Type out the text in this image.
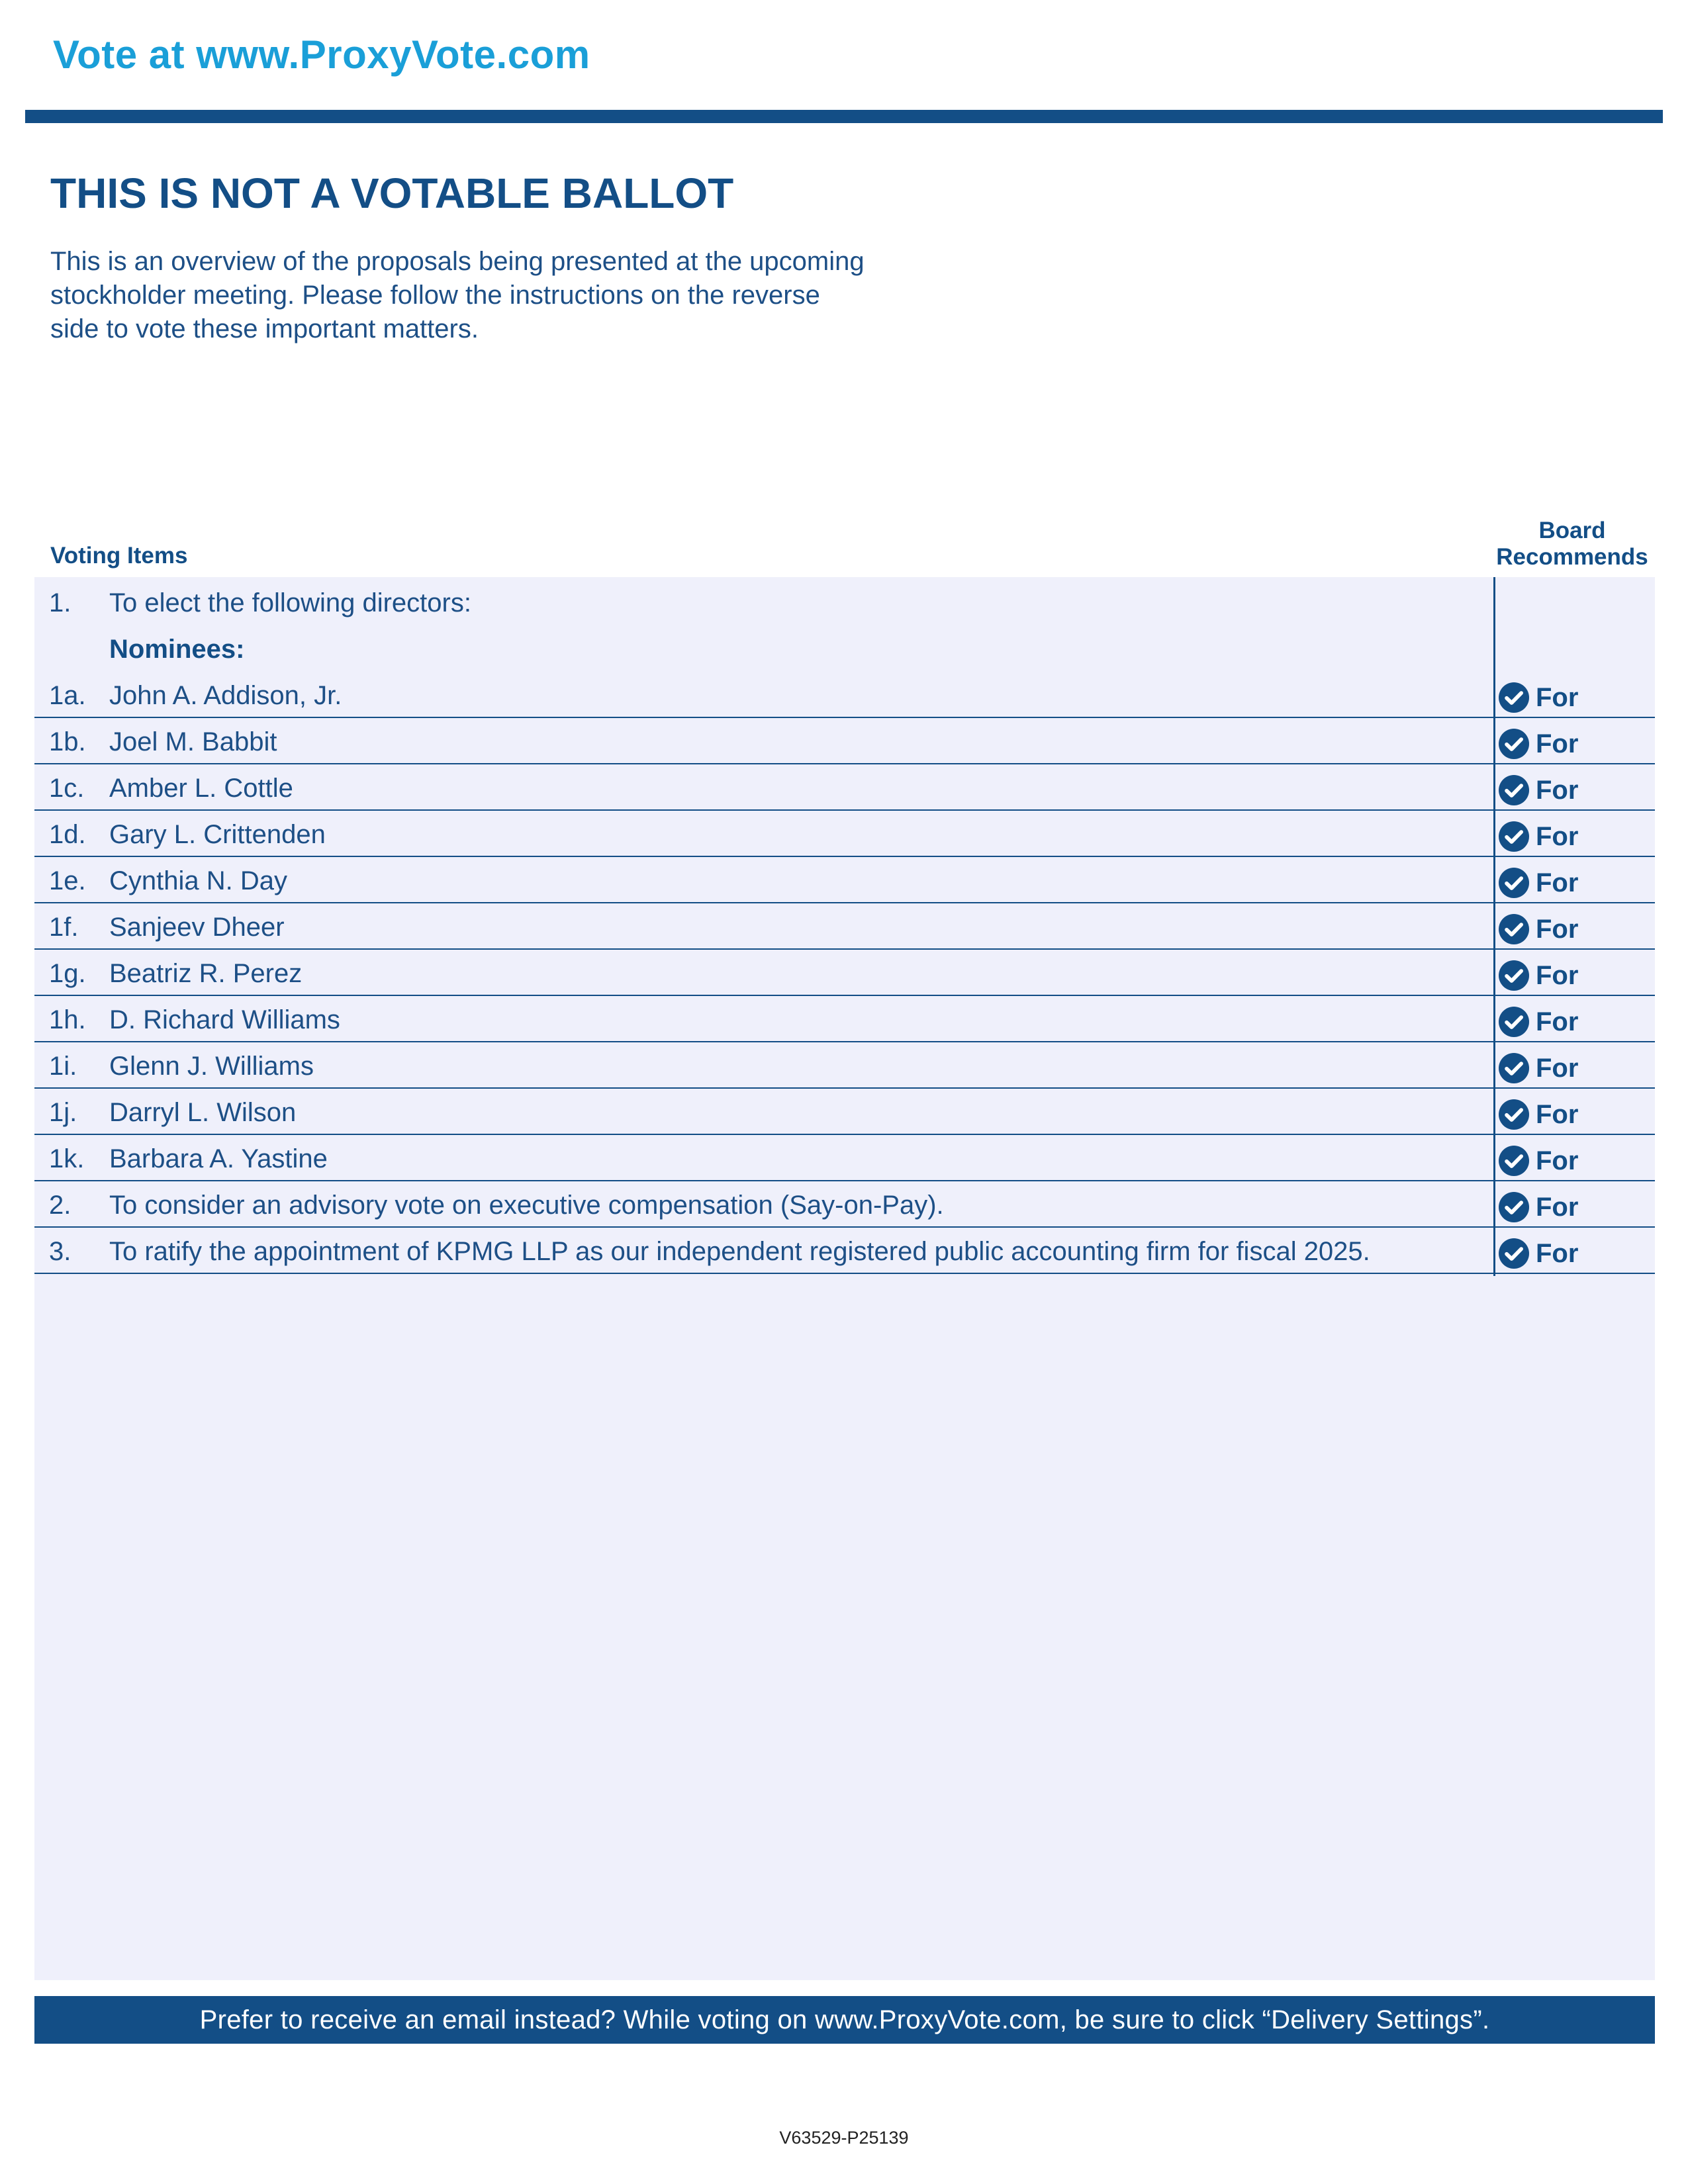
Vote at www.ProxyVote.com
THIS IS NOT A VOTABLE BALLOT
This is an overview of the proposals being presented at the upcoming stockholder meeting. Please follow the instructions on the reverse side to vote these important matters.
Voting Items
Board
Recommends
1. To elect the following directors:
Nominees:
1a. John A. Addison, Jr.	For
1b. Joel M. Babbit	For
1c. Amber L. Cottle	For
1d. Gary L. Crittenden	For
1e. Cynthia N. Day	For
1f. Sanjeev Dheer	For
1g. Beatriz R. Perez	For
1h. D. Richard Williams	For
1i. Glenn J. Williams	For
1j. Darryl L. Wilson	For
1k. Barbara A. Yastine	For
2. To consider an advisory vote on executive compensation (Say-on-Pay).	For
3. To ratify the appointment of KPMG LLP as our independent registered public accounting firm for fiscal 2025.	For
Prefer to receive an email instead? While voting on www.ProxyVote.com, be sure to click “Delivery Settings”.
V63529-P25139
